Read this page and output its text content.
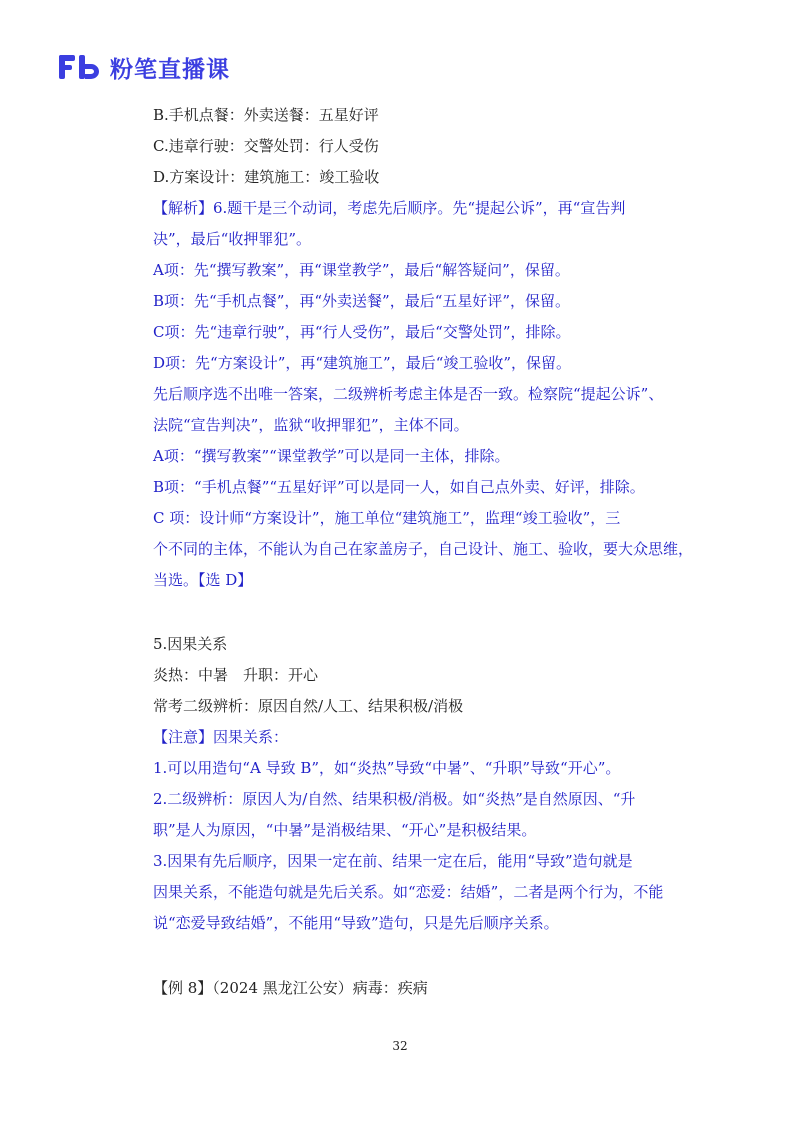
粉笔直播课
B.手机点餐：外卖送餐：五星好评
C.违章行驶：交警处罚：行人受伤
D.方案设计：建筑施工：竣工验收
【解析】6.题干是三个动词，考虑先后顺序。先“提起公诉”，再“宣告判
决”，最后“收押罪犯”。
A项：先“撰写教案”，再“课堂教学”，最后“解答疑问”，保留。
B项：先“手机点餐”，再“外卖送餐”，最后“五星好评”，保留。
C项：先“违章行驶”，再“行人受伤”，最后“交警处罚”，排除。
D项：先“方案设计”，再“建筑施工”，最后“竣工验收”，保留。
先后顺序选不出唯一答案，二级辨析考虑主体是否一致。检察院“提起公诉”、
法院“宣告判决”，监狱“收押罪犯”，主体不同。
A项：“撰写教案”“课堂教学”可以是同一主体，排除。
B项：“手机点餐”“五星好评”可以是同一人，如自己点外卖、好评，排除。
C 项：设计师“方案设计”，施工单位“建筑施工”，监理“竣工验收”，三
个不同的主体，不能认为自己在家盖房子，自己设计、施工、验收，要大众思维，
当选。【选 D】
5.因果关系
炎热：中暑　升职：开心
常考二级辨析：原因自然/人工、结果积极/消极
【注意】因果关系：
1.可以用造句“A 导致 B”，如“炎热”导致“中暑”、“升职”导致“开心”。
2.二级辨析：原因人为/自然、结果积极/消极。如“炎热”是自然原因、“升
职”是人为原因，“中暑”是消极结果、“开心”是积极结果。
3.因果有先后顺序，因果一定在前、结果一定在后，能用“导致”造句就是
因果关系，不能造句就是先后关系。如“恋爱：结婚”，二者是两个行为，不能
说“恋爱导致结婚”，不能用“导致”造句，只是先后顺序关系。
【例 8】（2024 黑龙江公安）病毒：疾病
32
